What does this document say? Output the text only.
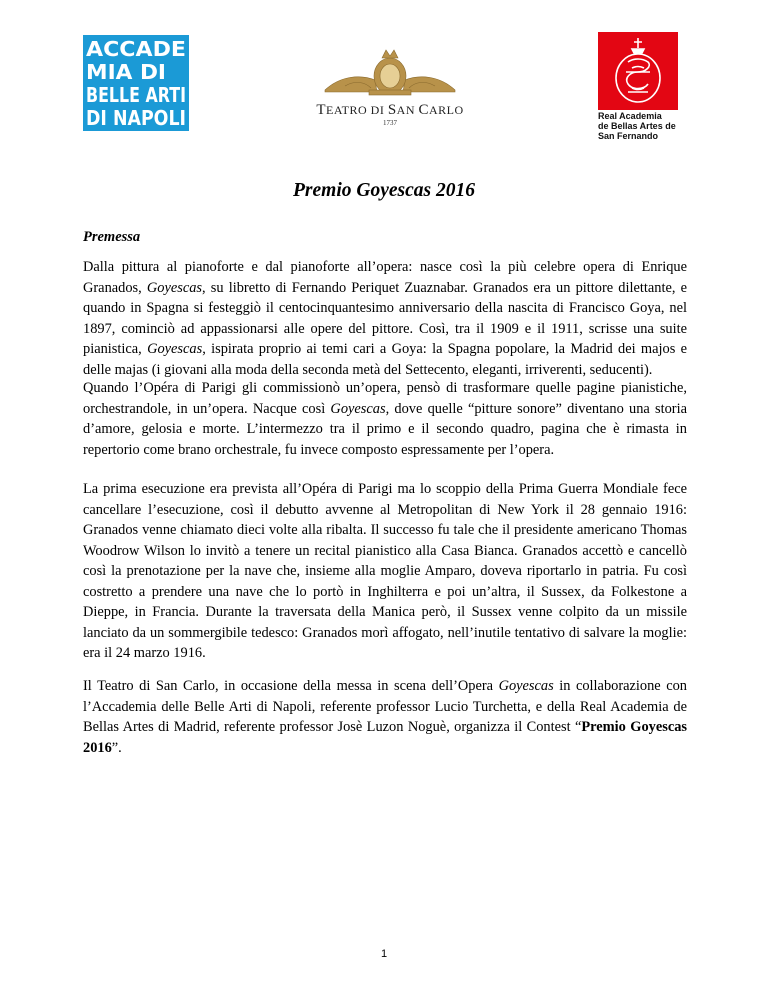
ACCADE
MIA DI
BELLE ARTI
DI NAPOLI	TEATRO DI SAN CARLO
1737
Real Academia
de Bellas Artes de
San Fernando
Premio Goyescas 2016
Premessa

Dalla pittura al pianoforte e dal pianoforte all’opera: nasce così la più celebre opera di Enrique Granados, Goyescas, su libretto di Fernando Periquet Zuaznabar. Granados era un pittore dilettante, e quando in Spagna si festeggiò il centocinquantesimo anniversario della nascita di Francisco Goya, nel 1897, cominciò ad appassionarsi alle opere del pittore. Così, tra il 1909 e il 1911, scrisse una suite pianistica, Goyescas, ispirata proprio ai temi cari a Goya: la Spagna popolare, la Madrid dei majos e delle majas (i giovani alla moda della seconda metà del Settecento, eleganti, irriverenti, seducenti).

Quando l’Opéra di Parigi gli commissionò un’opera, pensò di trasformare quelle pagine pianistiche, orchestrandole, in un’opera. Nacque così Goyescas, dove quelle “pitture sonore” diventano una storia d’amore, gelosia e morte. L’intermezzo tra il primo e il secondo quadro, pagina che è rimasta in repertorio come brano orchestrale, fu invece composto espressamente per l’opera.

La prima esecuzione era prevista all’Opéra di Parigi ma lo scoppio della Prima Guerra Mondiale fece cancellare l’esecuzione, così il debutto avvenne al Metropolitan di New York il 28 gennaio 1916: Granados venne chiamato dieci volte alla ribalta. Il successo fu tale che il presidente americano Thomas Woodrow Wilson lo invitò a tenere un recital pianistico alla Casa Bianca. Granados accettò e cancellò così la prenotazione per la nave che, insieme alla moglie Amparo, doveva riportarlo in patria. Fu così costretto a prendere una nave che lo portò in Inghilterra e poi un’altra, il Sussex, da Folkestone a Dieppe, in Francia. Durante la traversata della Manica però, il Sussex venne colpito da un missile lanciato da un sommergibile tedesco: Granados morì affogato, nell’inutile tentativo di salvare la moglie: era il 24 marzo 1916.

Il Teatro di San Carlo, in occasione della messa in scena dell’Opera Goyescas in collaborazione con l’Accademia delle Belle Arti di Napoli, referente professor Lucio Turchetta, e della Real Academia de Bellas Artes di Madrid, referente professor Josè Luzon Noguè, organizza il Contest “Premio Goyescas 2016”.

1
